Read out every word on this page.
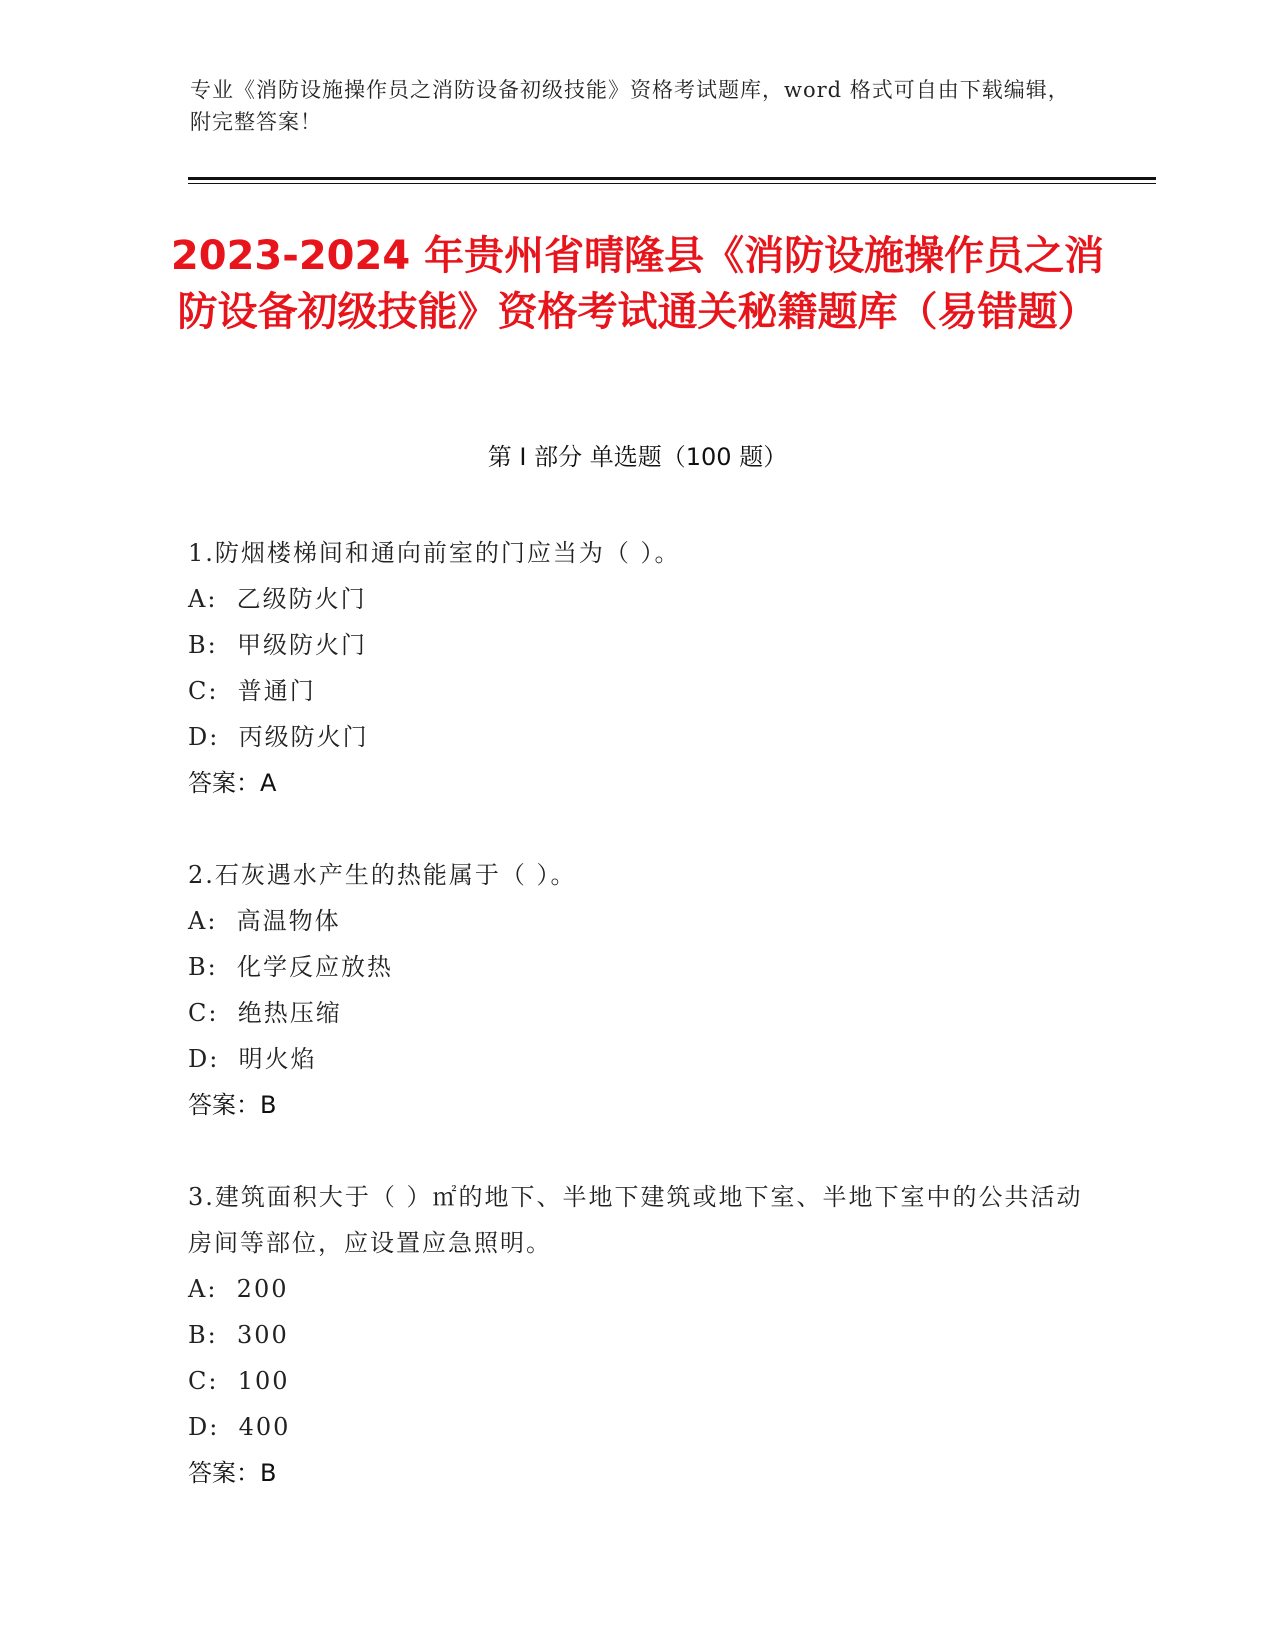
专业《消防设施操作员之消防设备初级技能》资格考试题库，word 格式可自由下载编辑，附完整答案！
2023-2024 年贵州省晴隆县《消防设施操作员之消防设备初级技能》资格考试通关秘籍题库（易错题）
第 I 部分 单选题（100 题）
1.防烟楼梯间和通向前室的门应当为（ ）。
A:  乙级防火门
B:  甲级防火门
C:  普通门
D:  丙级防火门
答案：A
2.石灰遇水产生的热能属于（ ）。
A:  高温物体
B:  化学反应放热
C:  绝热压缩
D:  明火焰
答案：B
3.建筑面积大于（ ）㎡的地下、半地下建筑或地下室、半地下室中的公共活动房间等部位，应设置应急照明。
A:  200
B:  300
C:  100
D:  400
答案：B
